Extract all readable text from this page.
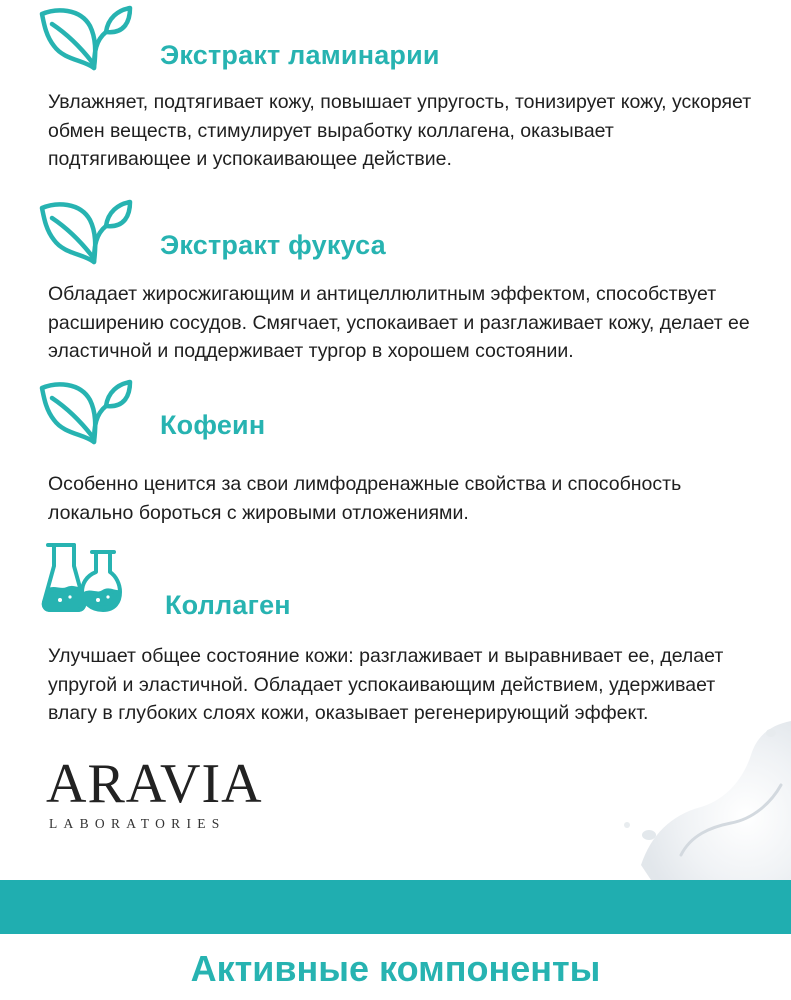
Экстракт ламинарии

Увлажняет, подтягивает кожу, повышает упругость, тонизирует кожу, ускоряет обмен веществ, стимулирует выработку коллагена, оказывает подтягивающее и успокаивающее действие.

Экстракт фукуса

Обладает жиросжигающим и антицеллюлитным эффектом, способствует расширению сосудов. Смягчает, успокаивает и разглаживает кожу, делает ее эластичной и поддерживает тургор в хорошем состоянии.

Кофеин

Особенно ценится за свои лимфодренажные свойства и способность локально бороться с жировыми отложениями.

Коллаген

Улучшает общее состояние кожи: разглаживает и выравнивает ее, делает упругой и эластичной. Обладает успокаивающим действием, удерживает влагу в глубоких слоях кожи, оказывает регенерирующий эффект.

ARAVIA
LABORATORIES
Активные компоненты
